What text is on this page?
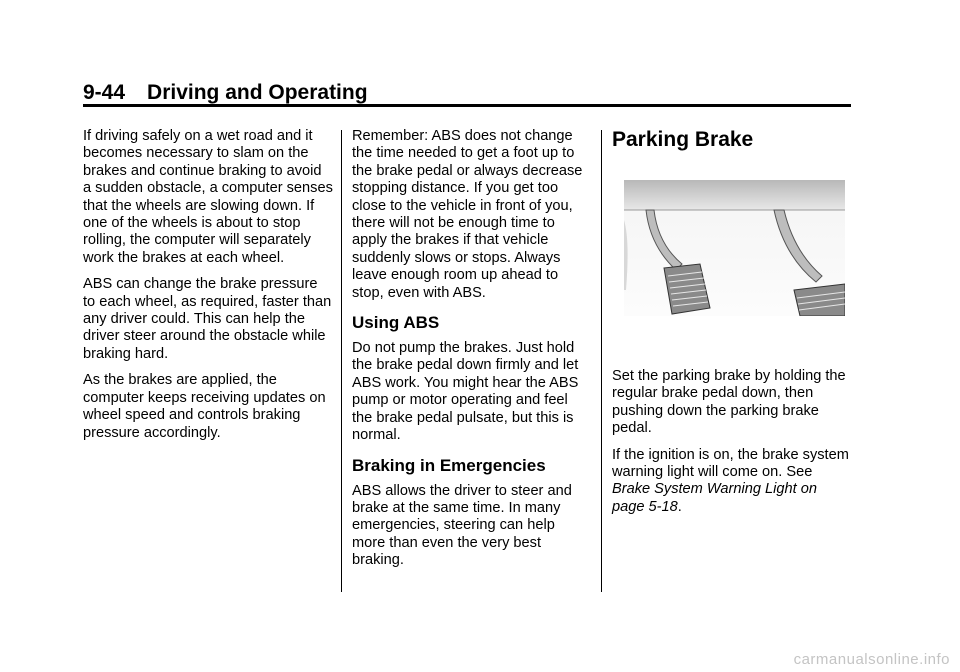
9-44 Driving and Operating

If driving safely on a wet road and it becomes necessary to slam on the brakes and continue braking to avoid a sudden obstacle, a computer senses that the wheels are slowing down. If one of the wheels is about to stop rolling, the computer will separately work the brakes at each wheel.

ABS can change the brake pressure to each wheel, as required, faster than any driver could. This can help the driver steer around the obstacle while braking hard.

As the brakes are applied, the computer keeps receiving updates on wheel speed and controls braking pressure accordingly.

Remember: ABS does not change the time needed to get a foot up to the brake pedal or always decrease stopping distance. If you get too close to the vehicle in front of you, there will not be enough time to apply the brakes if that vehicle suddenly slows or stops. Always leave enough room up ahead to stop, even with ABS.

Using ABS

Do not pump the brakes. Just hold the brake pedal down firmly and let ABS work. You might hear the ABS pump or motor operating and feel the brake pedal pulsate, but this is normal.

Braking in Emergencies

ABS allows the driver to steer and brake at the same time. In many emergencies, steering can help more than even the very best braking.

Parking Brake

Set the parking brake by holding the regular brake pedal down, then pushing down the parking brake pedal.

If the ignition is on, the brake system warning light will come on. See Brake System Warning Light on page 5-18.

carmanualsonline.info
